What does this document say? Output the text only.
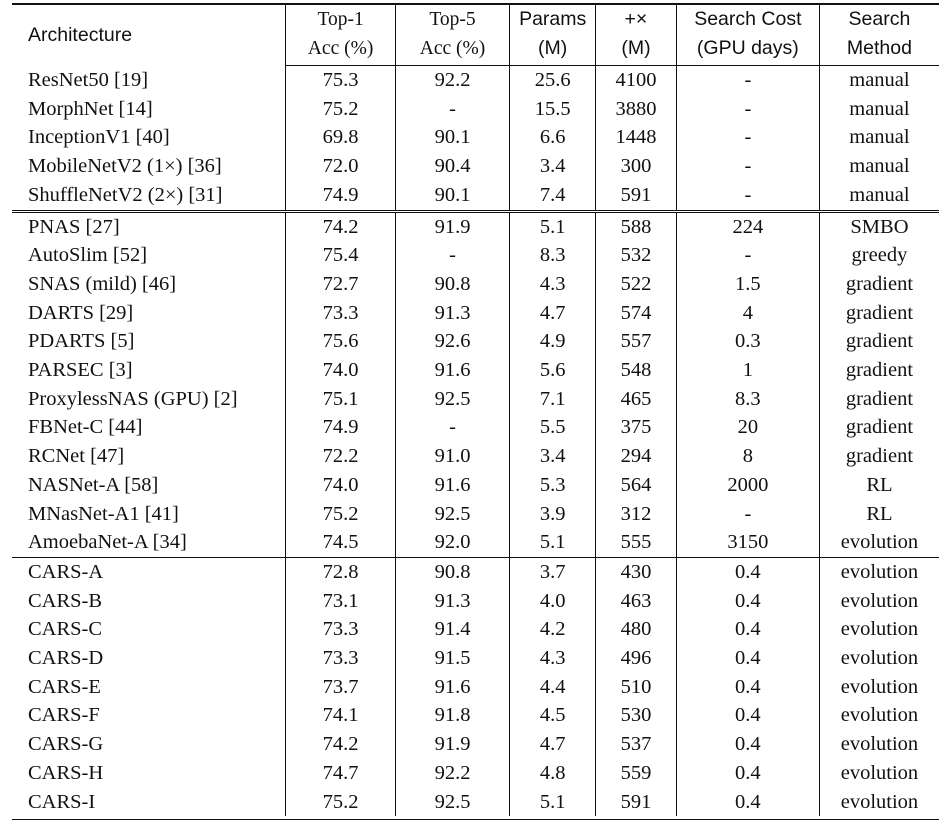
Architecture	Top-1	Top-5	Params	+×	Search Cost	Search
	Acc (%)	Acc (%)	(M)	(M)	(GPU days)	Method
ResNet50 [19]	75.3	92.2	25.6	4100	-	manual
MorphNet [14]	75.2	-	15.5	3880	-	manual
InceptionV1 [40]	69.8	90.1	6.6	1448	-	manual
MobileNetV2 (1×) [36]	72.0	90.4	3.4	300	-	manual
ShuffleNetV2 (2×) [31]	74.9	90.1	7.4	591	-	manual
PNAS [27]	74.2	91.9	5.1	588	224	SMBO
AutoSlim [52]	75.4	-	8.3	532	-	greedy
SNAS (mild) [46]	72.7	90.8	4.3	522	1.5	gradient
DARTS [29]	73.3	91.3	4.7	574	4	gradient
PDARTS [5]	75.6	92.6	4.9	557	0.3	gradient
PARSEC [3]	74.0	91.6	5.6	548	1	gradient
ProxylessNAS (GPU) [2]	75.1	92.5	7.1	465	8.3	gradient
FBNet-C [44]	74.9	-	5.5	375	20	gradient
RCNet [47]	72.2	91.0	3.4	294	8	gradient
NASNet-A [58]	74.0	91.6	5.3	564	2000	RL
MNasNet-A1 [41]	75.2	92.5	3.9	312	-	RL
AmoebaNet-A [34]	74.5	92.0	5.1	555	3150	evolution
CARS-A	72.8	90.8	3.7	430	0.4	evolution
CARS-B	73.1	91.3	4.0	463	0.4	evolution
CARS-C	73.3	91.4	4.2	480	0.4	evolution
CARS-D	73.3	91.5	4.3	496	0.4	evolution
CARS-E	73.7	91.6	4.4	510	0.4	evolution
CARS-F	74.1	91.8	4.5	530	0.4	evolution
CARS-G	74.2	91.9	4.7	537	0.4	evolution
CARS-H	74.7	92.2	4.8	559	0.4	evolution
CARS-I	75.2	92.5	5.1	591	0.4	evolution
